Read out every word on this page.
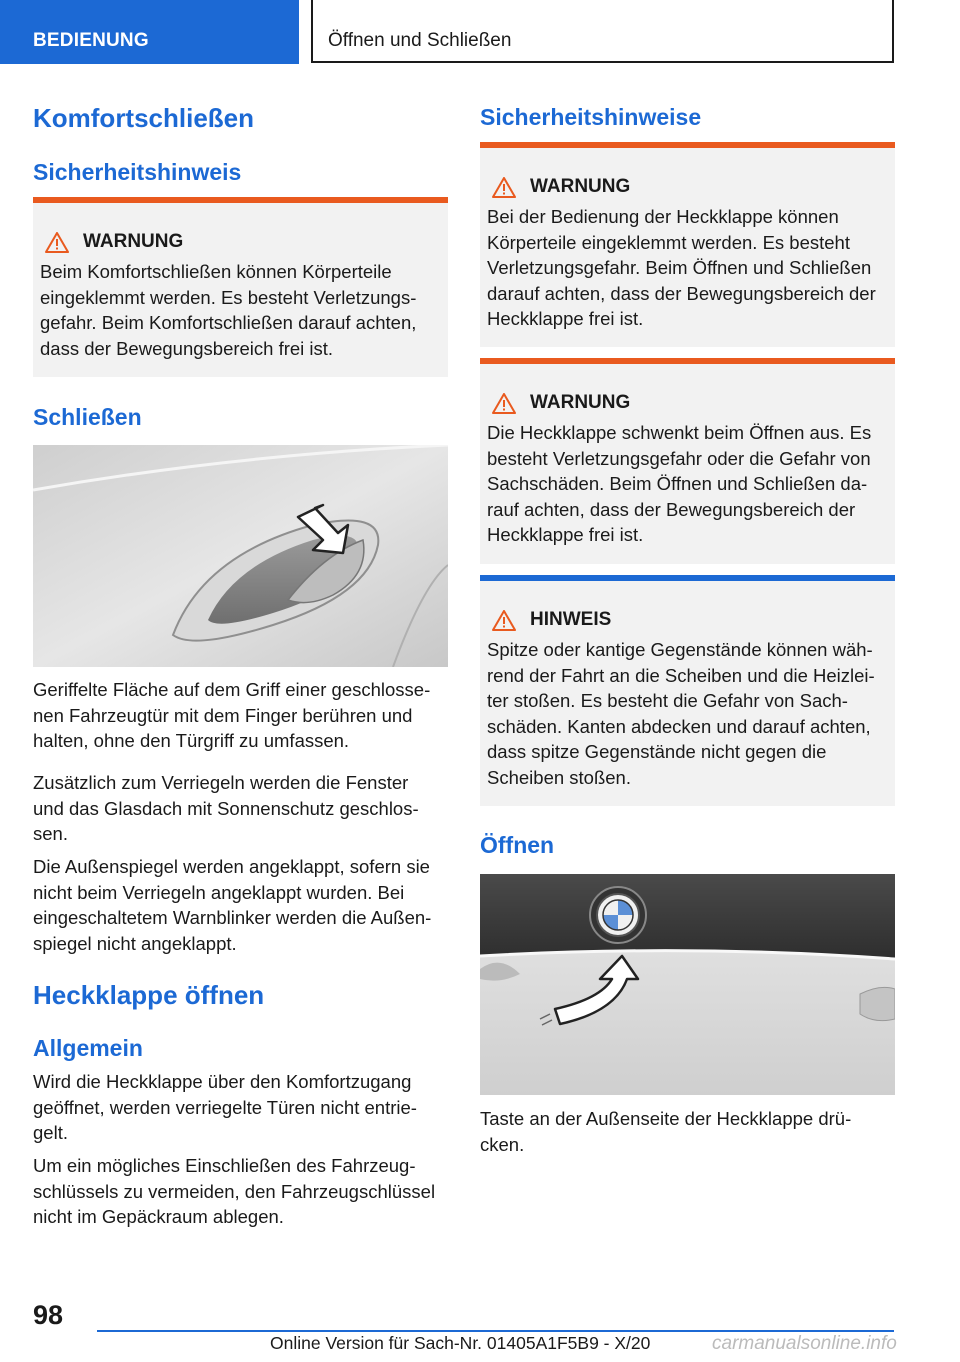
BEDIENUNG	Öffnen und Schließen
Komfortschließen
Sicherheitshinweis
WARNUNG

Beim Komfortschließen können Körperteile
eingeklemmt werden. Es besteht Verletzungs-
gefahr. Beim Komfortschließen darauf achten,
dass der Bewegungsbereich frei ist.

Schließen

Geriffelte Fläche auf dem Griff einer geschlosse-
nen Fahrzeugtür mit dem Finger berühren und
halten, ohne den Türgriff zu umfassen.

Zusätzlich zum Verriegeln werden die Fenster
und das Glasdach mit Sonnenschutz geschlos-
sen.

Die Außenspiegel werden angeklappt, sofern sie
nicht beim Verriegeln angeklappt wurden. Bei
eingeschaltetem Warnblinker werden die Außen-
spiegel nicht angeklappt.

Heckklappe öffnen
Allgemein

Wird die Heckklappe über den Komfortzugang
geöffnet, werden verriegelte Türen nicht entrie-
gelt.

Um ein mögliches Einschließen des Fahrzeug-
schlüssels zu vermeiden, den Fahrzeugschlüssel
nicht im Gepäckraum ablegen.

Sicherheitshinweise
WARNUNG

Bei der Bedienung der Heckklappe können
Körperteile eingeklemmt werden. Es besteht
Verletzungsgefahr. Beim Öffnen und Schließen
darauf achten, dass der Bewegungsbereich der
Heckklappe frei ist.

WARNUNG

Die Heckklappe schwenkt beim Öffnen aus. Es
besteht Verletzungsgefahr oder die Gefahr von
Sachschäden. Beim Öffnen und Schließen da-
rauf achten, dass der Bewegungsbereich der
Heckklappe frei ist.

HINWEIS

Spitze oder kantige Gegenstände können wäh-
rend der Fahrt an die Scheiben und die Heizlei-
ter stoßen. Es besteht die Gefahr von Sach-
schäden. Kanten abdecken und darauf achten,
dass spitze Gegenstände nicht gegen die
Scheiben stoßen.

Öffnen

Taste an der Außenseite der Heckklappe drü-
cken.

98
Online Version für Sach-Nr. 01405A1F5B9 - X/20	carmanualsonline.info
